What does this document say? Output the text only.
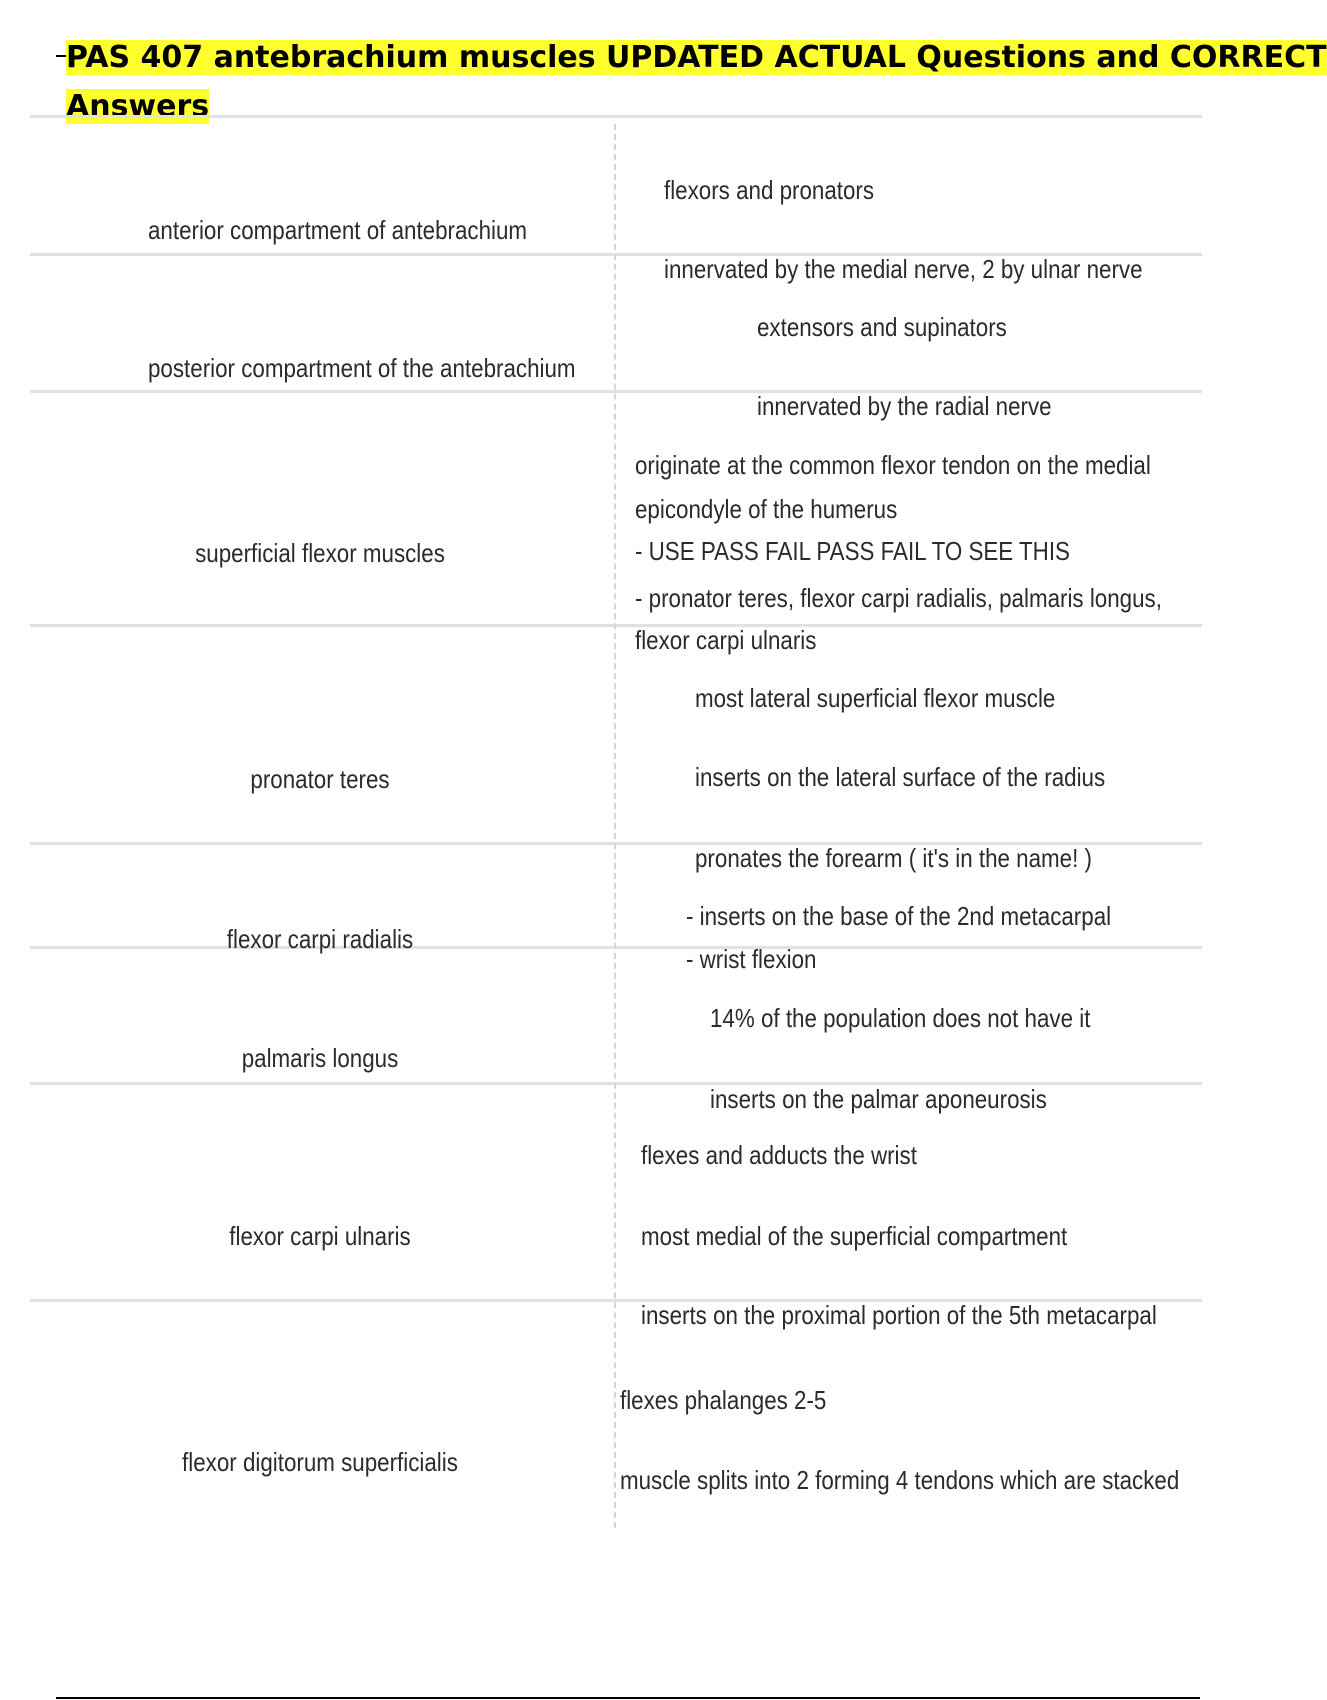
PAS 407 antebrachium muscles UPDATED ACTUAL Questions and CORRECT
Answers
anterior compartment of antebrachium
posterior compartment of the antebrachium
superficial flexor muscles
pronator teres
flexor carpi radialis
palmaris longus
flexor carpi ulnaris
flexor digitorum superficialis
flexors and pronators
innervated by the medial nerve, 2 by ulnar nerve
extensors and supinators
innervated by the radial nerve
originate at the common flexor tendon on the medial
epicondyle of the humerus
- USE PASS FAIL PASS FAIL TO SEE THIS
- pronator teres, flexor carpi radialis, palmaris longus,
flexor carpi ulnaris
most lateral superficial flexor muscle
inserts on the lateral surface of the radius
pronates the forearm ( it's in the name! )
- inserts on the base of the 2nd metacarpal
- wrist flexion
14% of the population does not have it
inserts on the palmar aponeurosis
flexes and adducts the wrist
most medial of the superficial compartment
inserts on the proximal portion of the 5th metacarpal
flexes phalanges 2-5
muscle splits into 2 forming 4 tendons which are stacked
